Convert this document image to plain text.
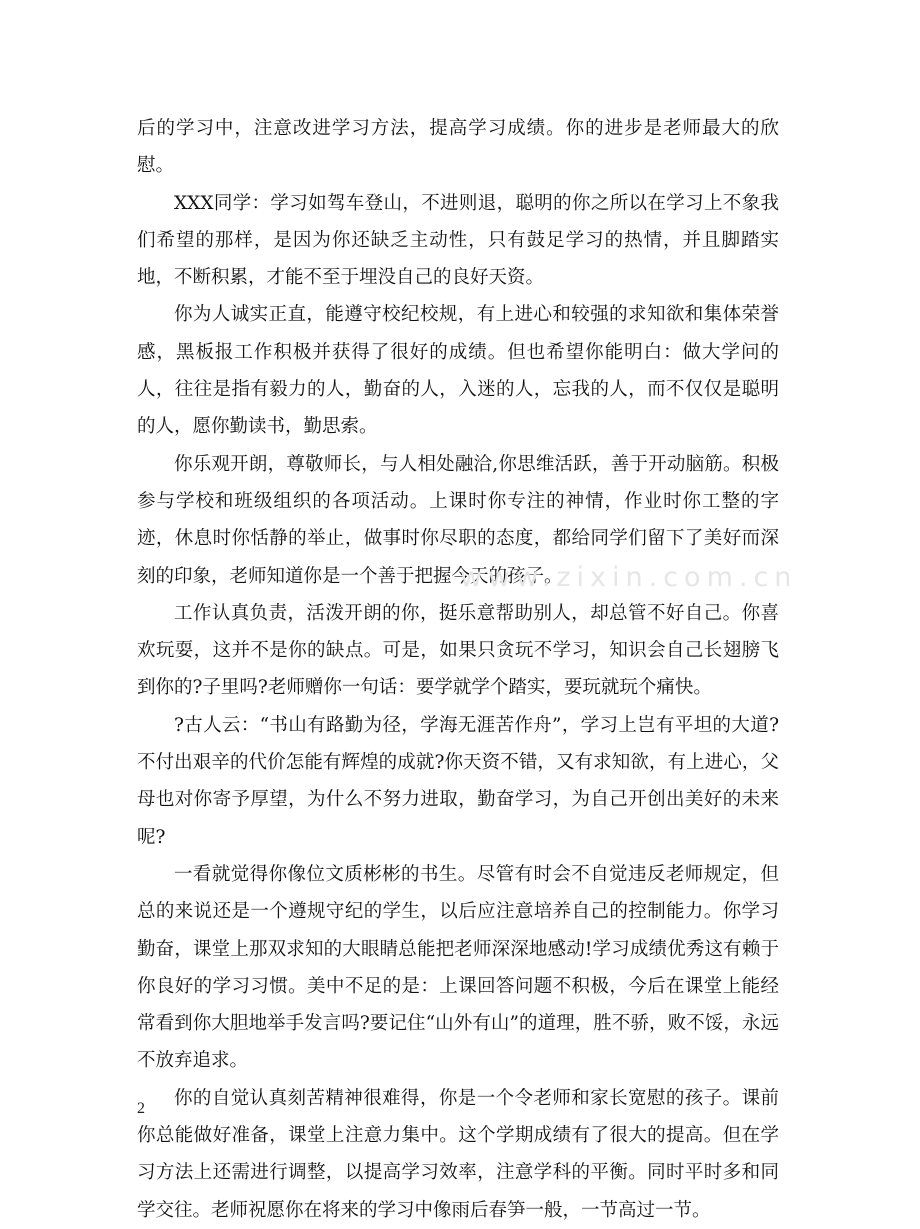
后的学习中，注意改进学习方法，提高学习成绩。你的进步是老师最大的欣慰。

XXX同学：学习如驾车登山，不进则退，聪明的你之所以在学习上不象我们希望的那样，是因为你还缺乏主动性，只有鼓足学习的热情，并且脚踏实地，不断积累，才能不至于埋没自己的良好天资。

你为人诚实正直，能遵守校纪校规，有上进心和较强的求知欲和集体荣誉感，黑板报工作积极并获得了很好的成绩。但也希望你能明白：做大学问的人，往往是指有毅力的人，勤奋的人，入迷的人，忘我的人，而不仅仅是聪明的人，愿你勤读书，勤思索。

你乐观开朗，尊敬师长，与人相处融洽,你思维活跃，善于开动脑筋。积极参与学校和班级组织的各项活动。上课时你专注的神情，作业时你工整的字迹，休息时你恬静的举止，做事时你尽职的态度，都给同学们留下了美好而深刻的印象，老师知道你是一个善于把握今天的孩子。

工作认真负责，活泼开朗的你，挺乐意帮助别人，却总管不好自己。你喜欢玩耍，这并不是你的缺点。可是，如果只贪玩不学习，知识会自己长翅膀飞到你的?子里吗?老师赠你一句话：要学就学个踏实，要玩就玩个痛快。

?古人云：“书山有路勤为径，学海无涯苦作舟”，学习上岂有平坦的大道?不付出艰辛的代价怎能有辉煌的成就?你天资不错，又有求知欲，有上进心，父母也对你寄予厚望，为什么不努力进取，勤奋学习，为自己开创出美好的未来呢?

一看就觉得你像位文质彬彬的书生。尽管有时会不自觉违反老师规定，但总的来说还是一个遵规守纪的学生，以后应注意培养自己的控制能力。你学习勤奋，课堂上那双求知的大眼睛总能把老师深深地感动!学习成绩优秀这有赖于你良好的学习习惯。美中不足的是：上课回答问题不积极，今后在课堂上能经常看到你大胆地举手发言吗?要记住“山外有山”的道理，胜不骄，败不馁，永远不放弃追求。

你的自觉认真刻苦精神很难得，你是一个令老师和家长宽慰的孩子。课前你总能做好准备，课堂上注意力集中。这个学期成绩有了很大的提高。但在学习方法上还需进行调整，以提高学习效率，注意学科的平衡。同时平时多和同学交往。老师祝愿你在将来的学习中像雨后春笋一般，一节高过一节。

www.zixin.com.cn
2
